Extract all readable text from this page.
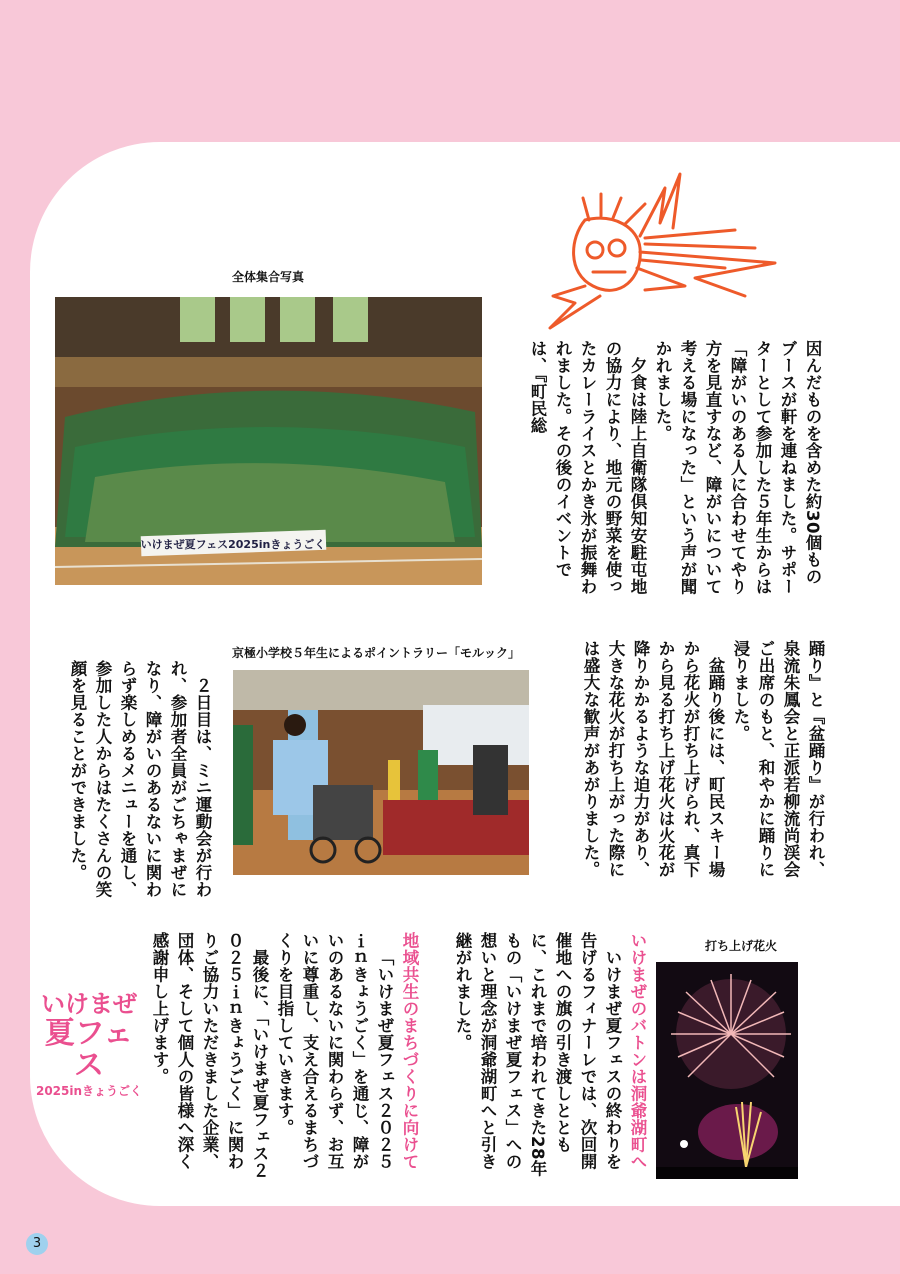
全体集合写真
いけまぜ夏フェス2025inきょうごく	因んだものを含めた約30個ものブースが軒を連ねました。サポーターとして参加した５年生からは「障がいのある人に合わせてやり方を見直すなど、障がいについて考える場になった」という声が聞かれました。

夕食は陸上自衛隊倶知安駐屯地の協力により、地元の野菜を使ったカレーライスとかき氷が振舞われました。その後のイベントでは、『町民総

踊り』と『盆踊り』が行われ、泉流朱鳳会と正派若柳流尚渓会ご出席のもと、和やかに踊りに浸りました。

盆踊り後には、町民スキー場から花火が打ち上げられ、真下から見る打ち上げ花火は火花が降りかかるような迫力があり、大きな花火が打ち上がった際には盛大な歓声があがりました。

京極小学校５年生によるポイントラリー「モルック」

２日目は、ミニ運動会が行われ、参加者全員がごちゃまぜになり、障がいのあるないに関わらず楽しめるメニューを通し、参加した人からはたくさんの笑顔を見ることができました。

打ち上げ花火

いけまぜのバトンは洞爺湖町へ

いけまぜ夏フェスの終わりを告げるフィナーレでは、次回開催地への旗の引き渡しとともに、これまで培われてきた28年もの「いけまぜ夏フェス」への想いと理念が洞爺湖町へと引き継がれました。

地域共生のまちづくりに向けて

「いけまぜ夏フェス２０２５ｉｎきょうごく」を通じ、障がいのあるないに関わらず、お互いに尊重し、支え合えるまちづくりを目指していきます。

最後に、「いけまぜ夏フェス２０２５ｉｎきょうごく」に関わりご協力いただきました企業、団体、そして個人の皆様へ深く感謝申し上げます。

いけまぜ
夏フェス
2025inきょうごく
3
